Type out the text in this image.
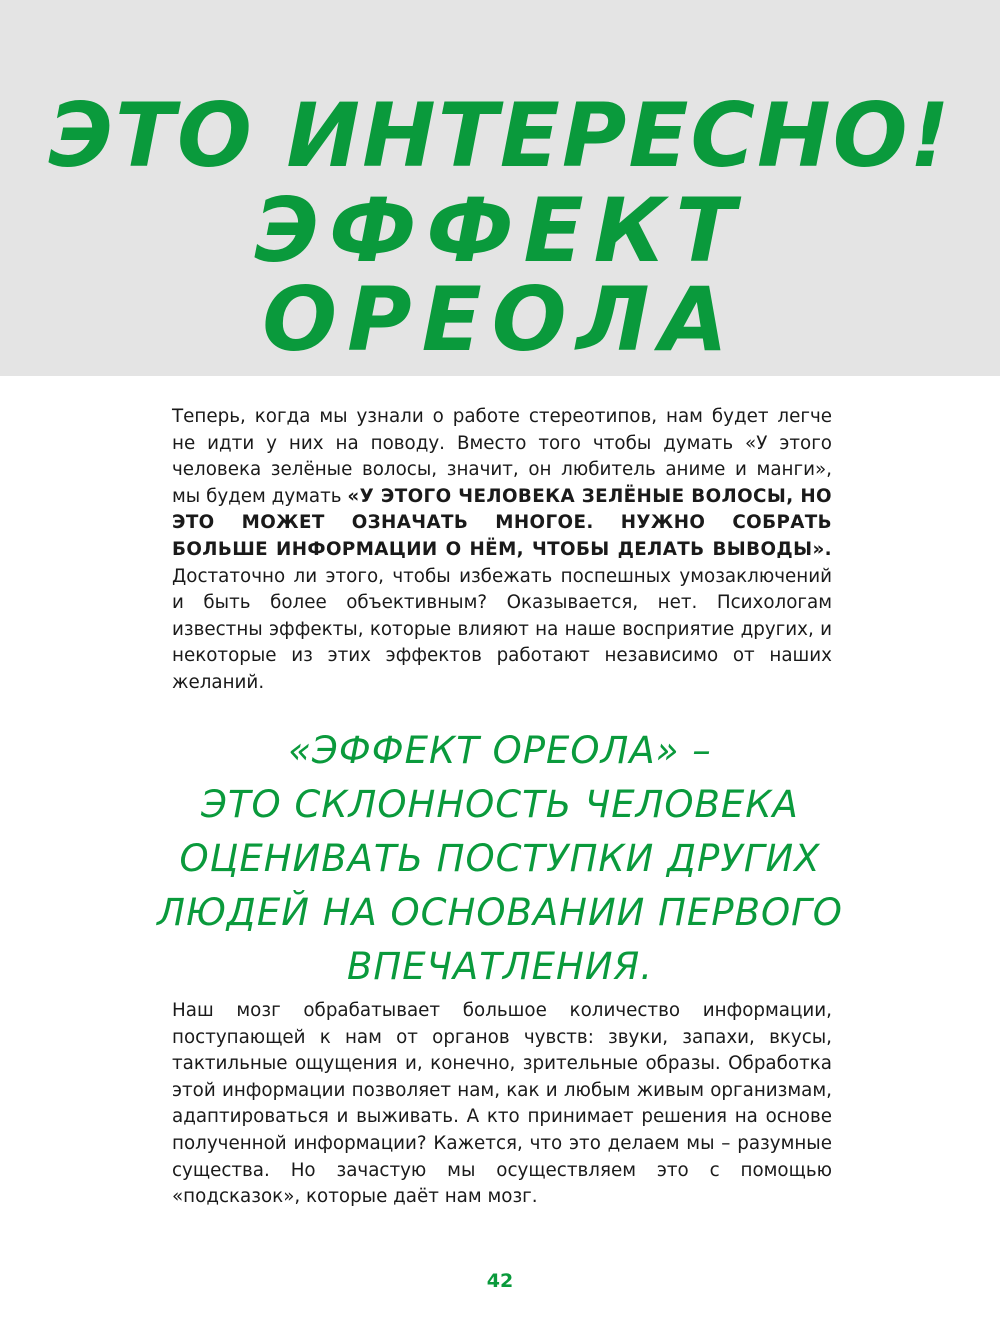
ЭТО ИНТЕРЕСНО!
ЭФФЕКТ
ОРЕОЛА

Теперь, когда мы узнали о работе стереотипов, нам будет легче не идти у них на поводу. Вместо того чтобы думать «У этого человека зелёные волосы, значит, он любитель аниме и манги», мы будем думать «У ЭТОГО ЧЕЛОВЕКА ЗЕЛЁНЫЕ ВОЛОСЫ, НО ЭТО МОЖЕТ ОЗНАЧАТЬ МНОГОЕ. НУЖНО СОБРАТЬ БОЛЬШЕ ИНФОРМАЦИИ О НЁМ, ЧТОБЫ ДЕЛАТЬ ВЫВОДЫ». Достаточно ли этого, чтобы избежать поспешных умозаключений и быть более объективным? Оказывается, нет. Психологам известны эффекты, которые влияют на наше восприятие других, и некоторые из этих эффектов работают независимо от наших желаний.

«ЭФФЕКТ ОРЕОЛА» –
ЭТО СКЛОННОСТЬ ЧЕЛОВЕКА
ОЦЕНИВАТЬ ПОСТУПКИ ДРУГИХ
ЛЮДЕЙ НА ОСНОВАНИИ ПЕРВОГО
ВПЕЧАТЛЕНИЯ.

Наш мозг обрабатывает большое количество информации, поступающей к нам от органов чувств: звуки, запахи, вкусы, тактильные ощущения и, конечно, зрительные образы. Обработка этой информации позволяет нам, как и любым живым организмам, адаптироваться и выживать. А кто принимает решения на основе полученной информации? Кажется, что это делаем мы – разумные существа. Но зачастую мы осуществляем это с помощью «подсказок», которые даёт нам мозг.

42
